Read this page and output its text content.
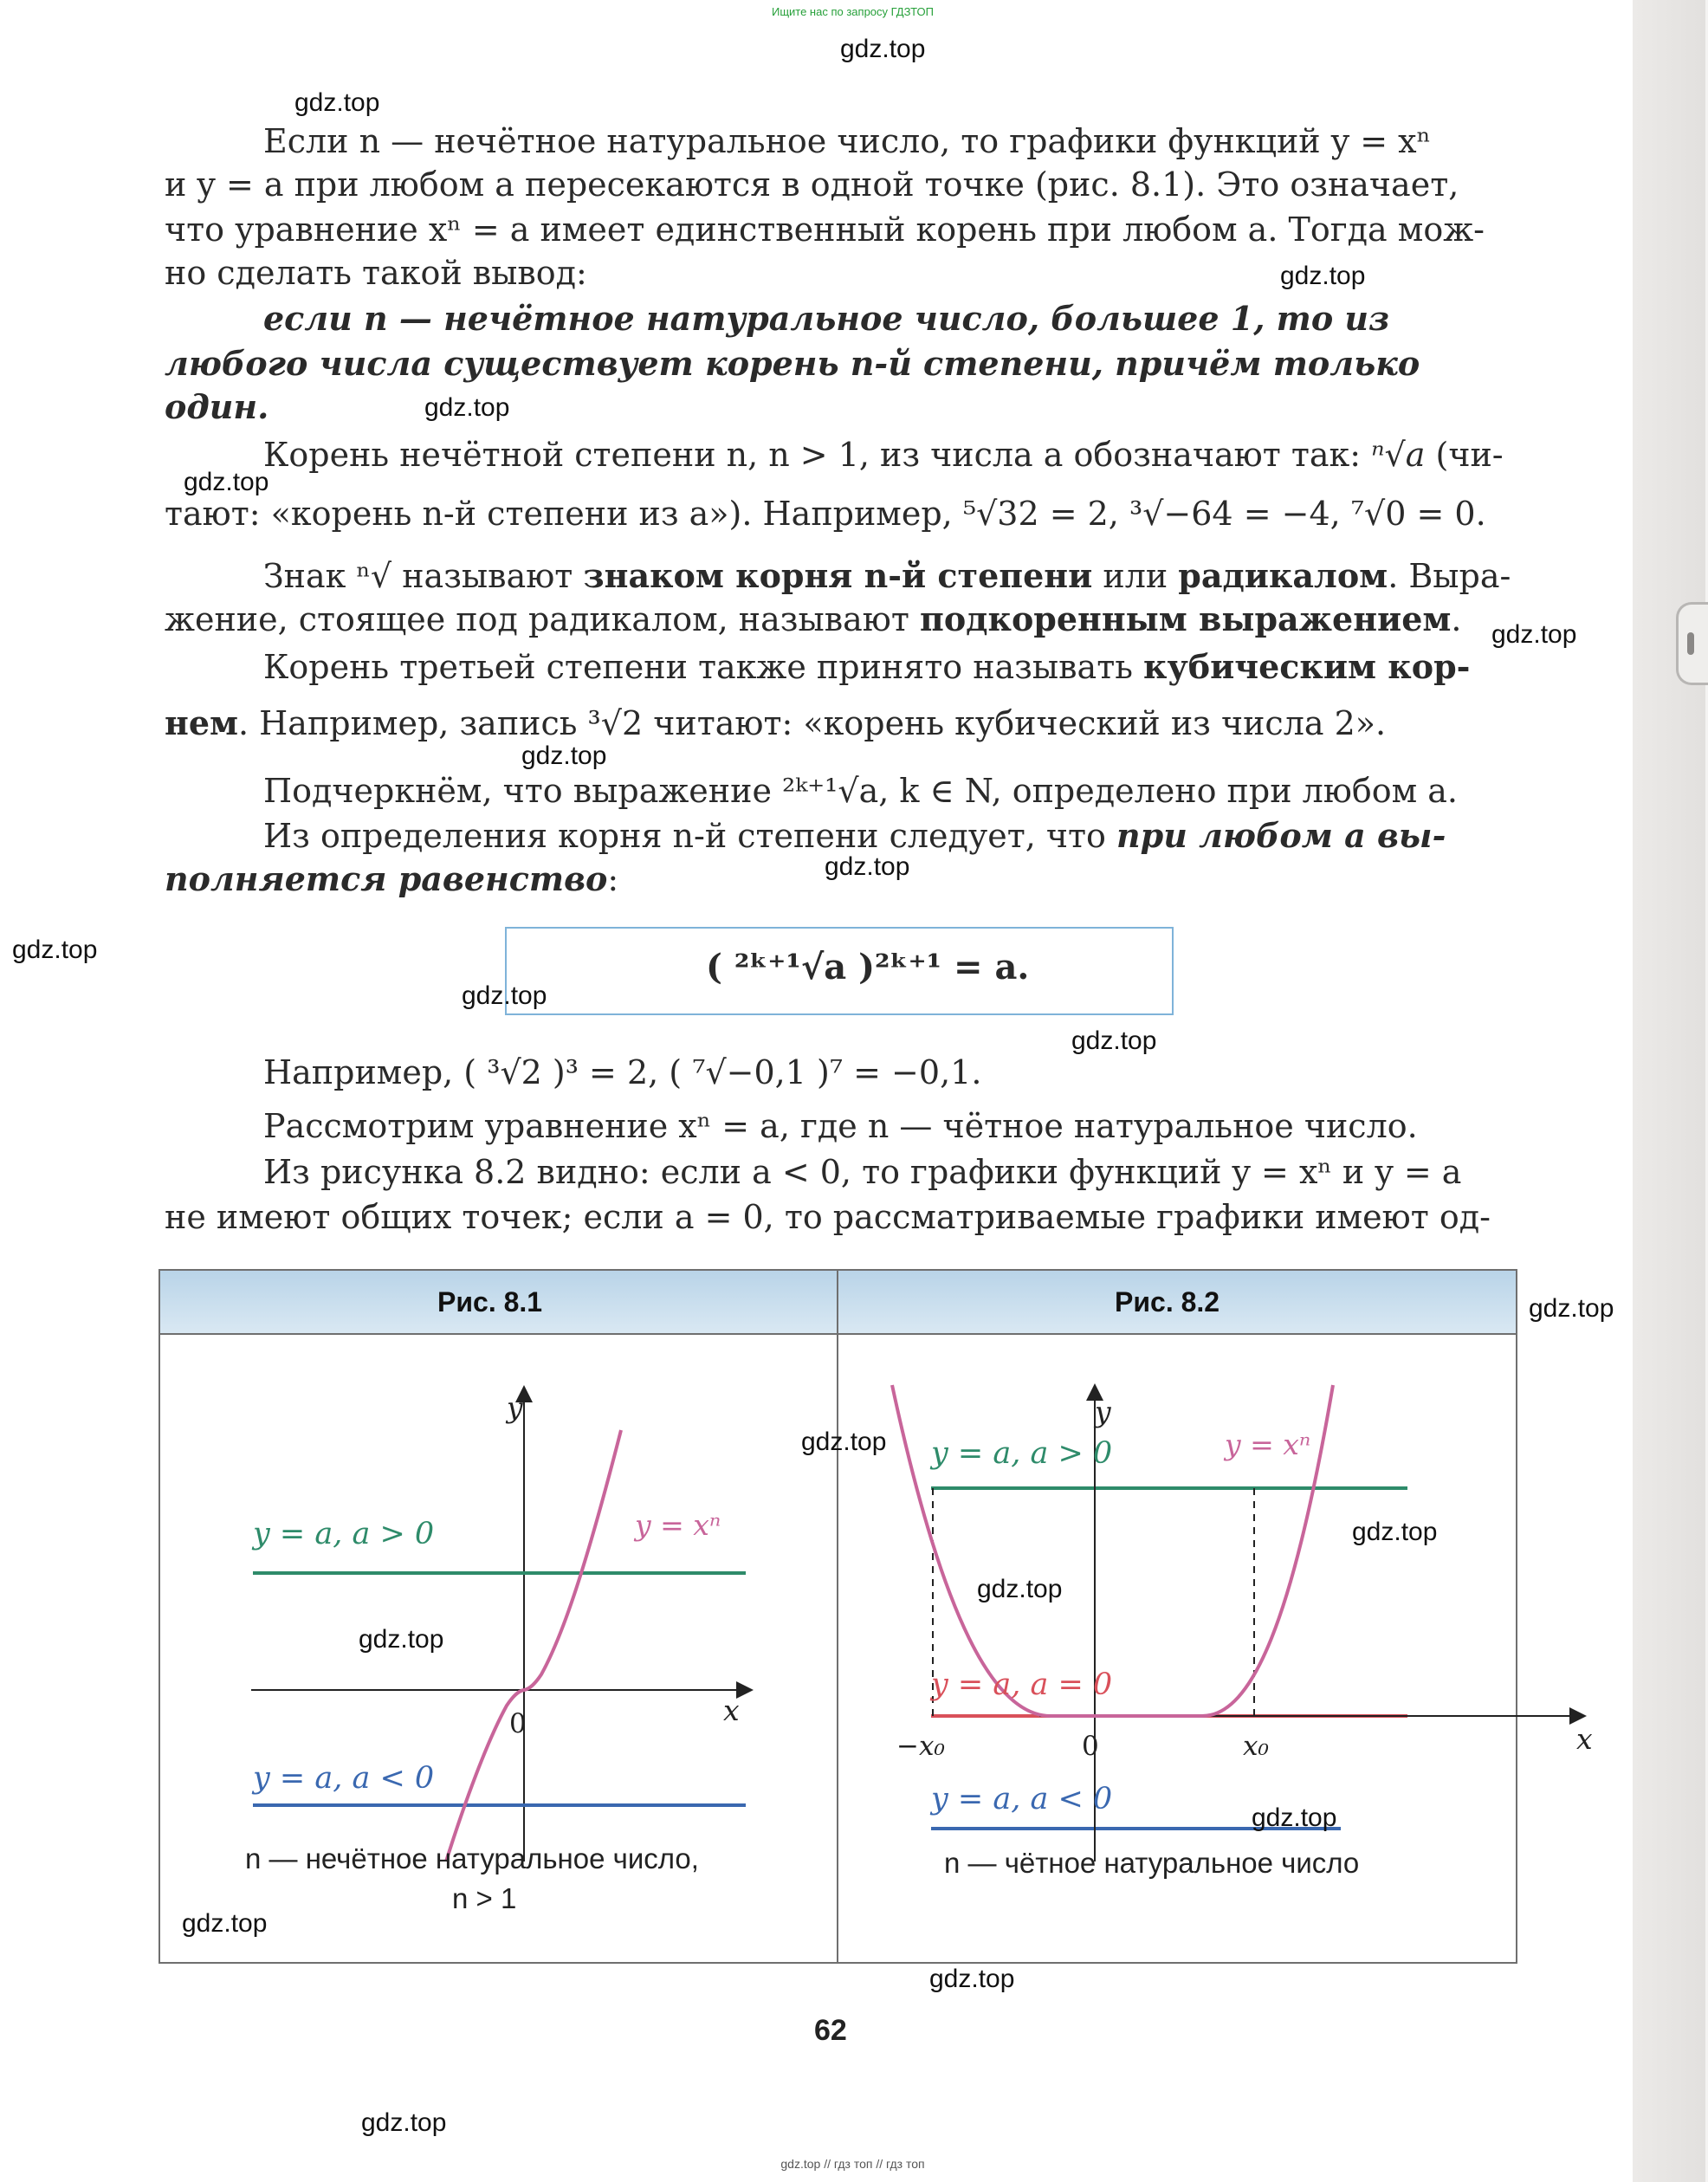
Ищите нас по запросу ГДЗТОП
Если n — нечётное натуральное число, то графики функций y = xⁿ
и y = a при любом a пересекаются в одной точке (рис. 8.1). Это означает,
что уравнение xⁿ = a имеет единственный корень при любом a. Тогда мож-
но сделать такой вывод:
если n — нечётное натуральное число, большее 1, то из
любого числа существует корень n-й степени, причём только
один.
Корень нечётной степени n, n > 1, из числа a обозначают так: ⁿ√a (чи-
тают: «корень n-й степени из a»). Например, ⁵√32 = 2, ³√−64 = −4, ⁷√0 = 0.
Знак ⁿ√ называют знаком корня n-й степени или радикалом. Выра-
жение, стоящее под радикалом, называют подкоренным выражением.
Корень третьей степени также принято называть кубическим кор-
нем. Например, запись ³√2 читают: «корень кубический из числа 2».
Подчеркнём, что выражение ²ᵏ⁺¹√a, k ∈ N, определено при любом a.
Из определения корня n-й степени следует, что при любом a вы-
полняется равенство:
( ²ᵏ⁺¹√a )²ᵏ⁺¹ = a.
Например, ( ³√2 )³ = 2, ( ⁷√−0,1 )⁷ = −0,1.
Рассмотрим уравнение xⁿ = a, где n — чётное натуральное число.
Из рисунка 8.2 видно: если a < 0, то графики функций y = xⁿ и y = a
не имеют общих точек; если a = 0, то рассматриваемые графики имеют од-
Рис. 8.1	Рис. 8.2
0	x
y
y = xⁿ
y = a, a > 0
y = a, a < 0
n — нечётное натуральное число,
n > 1
0	x
y
y = xⁿ
y = a, a > 0
y = a, a = 0
y = a, a < 0
−x₀	x₀
n — чётное натуральное число
62
gdz.top
gdz.top
gdz.top
gdz.top
gdz.top
gdz.top
gdz.top
gdz.top
gdz.top
gdz.top
gdz.top
gdz.top
gdz.top
gdz.top
gdz.top
gdz.top
gdz.top
gdz.top
gdz.top
gdz.top
gdz.top // гдз топ // гдз топ
